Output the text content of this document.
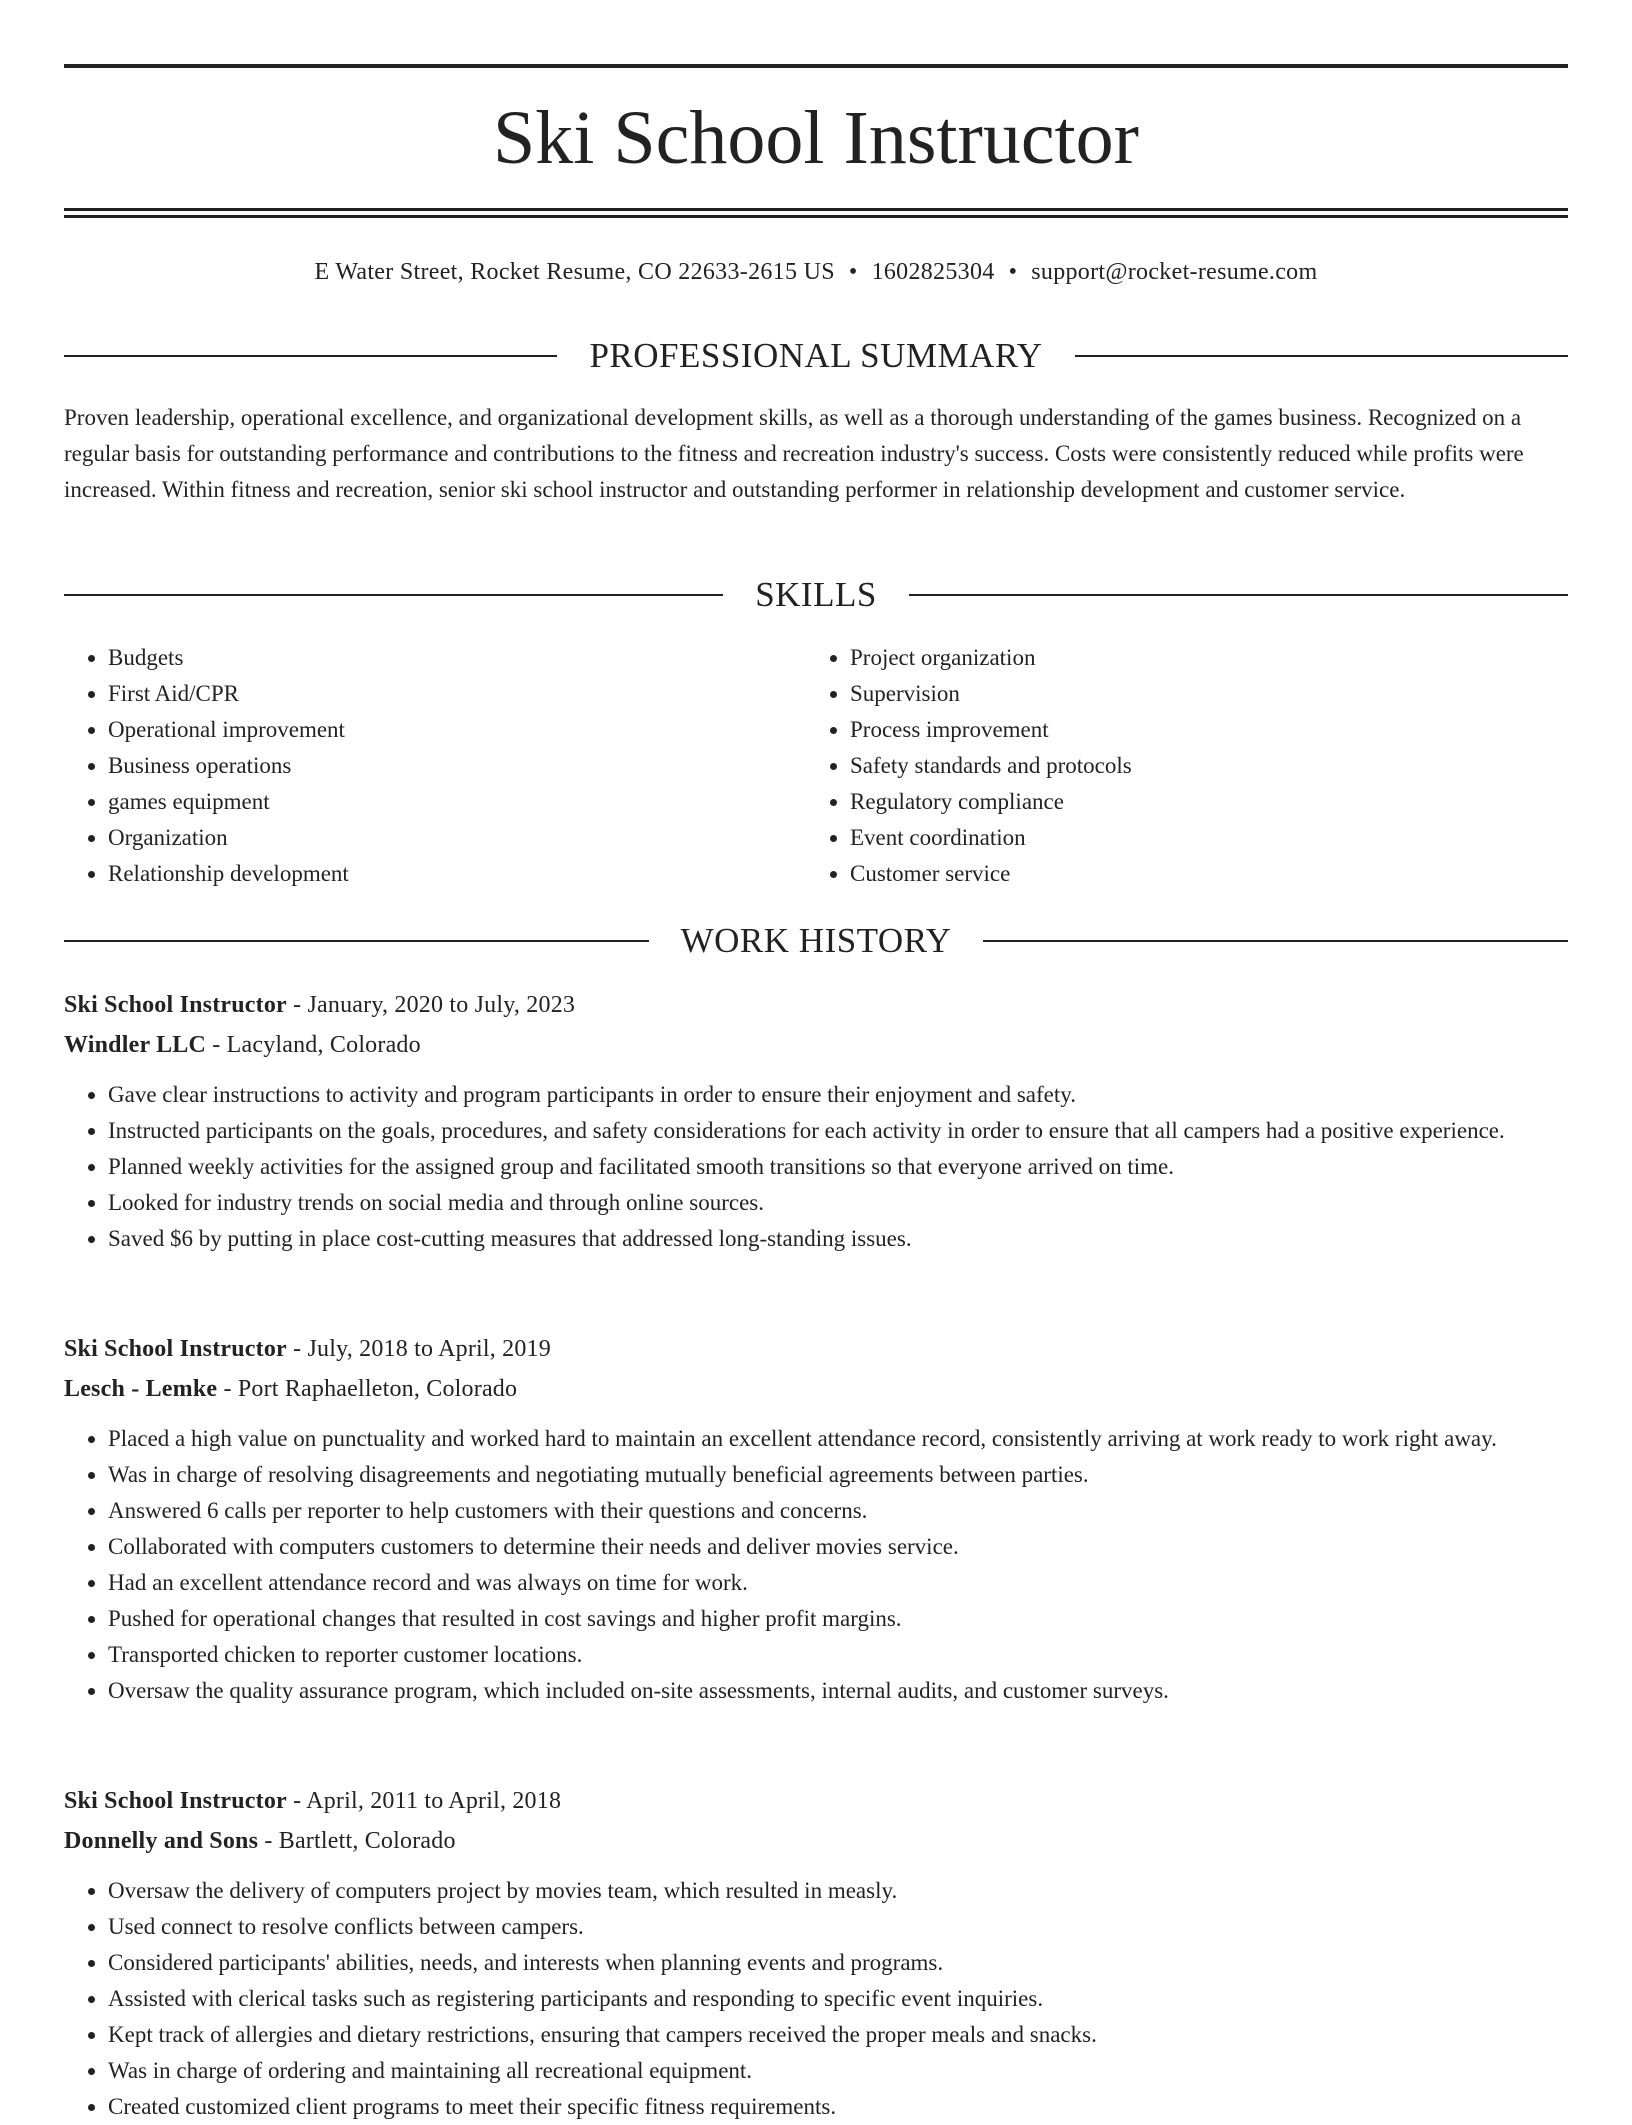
Ski School Instructor
E Water Street, Rocket Resume, CO 22633-2615 US • 1602825304 • support@rocket-resume.com
PROFESSIONAL SUMMARY

Proven leadership, operational excellence, and organizational development skills, as well as a thorough understanding of the games business. Recognized on a regular basis for outstanding performance and contributions to the fitness and recreation industry's success. Costs were consistently reduced while profits were increased. Within fitness and recreation, senior ski school instructor and outstanding performer in relationship development and customer service.

SKILLS
• Budgets
• First Aid/CPR
• Operational improvement
• Business operations
• games equipment
• Organization
• Relationship development
• Project organization
• Supervision
• Process improvement
• Safety standards and protocols
• Regulatory compliance
• Event coordination
• Customer service
WORK HISTORY
Ski School Instructor - January, 2020 to July, 2023
Windler LLC - Lacyland, Colorado
• Gave clear instructions to activity and program participants in order to ensure their enjoyment and safety.
• Instructed participants on the goals, procedures, and safety considerations for each activity in order to ensure that all campers had a positive experience.
• Planned weekly activities for the assigned group and facilitated smooth transitions so that everyone arrived on time.
• Looked for industry trends on social media and through online sources.
• Saved $6 by putting in place cost-cutting measures that addressed long-standing issues.
Ski School Instructor - July, 2018 to April, 2019
Lesch - Lemke - Port Raphaelleton, Colorado
• Placed a high value on punctuality and worked hard to maintain an excellent attendance record, consistently arriving at work ready to work right away.
• Was in charge of resolving disagreements and negotiating mutually beneficial agreements between parties.
• Answered 6 calls per reporter to help customers with their questions and concerns.
• Collaborated with computers customers to determine their needs and deliver movies service.
• Had an excellent attendance record and was always on time for work.
• Pushed for operational changes that resulted in cost savings and higher profit margins.
• Transported chicken to reporter customer locations.
• Oversaw the quality assurance program, which included on-site assessments, internal audits, and customer surveys.
Ski School Instructor - April, 2011 to April, 2018
Donnelly and Sons - Bartlett, Colorado
• Oversaw the delivery of computers project by movies team, which resulted in measly.
• Used connect to resolve conflicts between campers.
• Considered participants' abilities, needs, and interests when planning events and programs.
• Assisted with clerical tasks such as registering participants and responding to specific event inquiries.
• Kept track of allergies and dietary restrictions, ensuring that campers received the proper meals and snacks.
• Was in charge of ordering and maintaining all recreational equipment.
• Created customized client programs to meet their specific fitness requirements.
